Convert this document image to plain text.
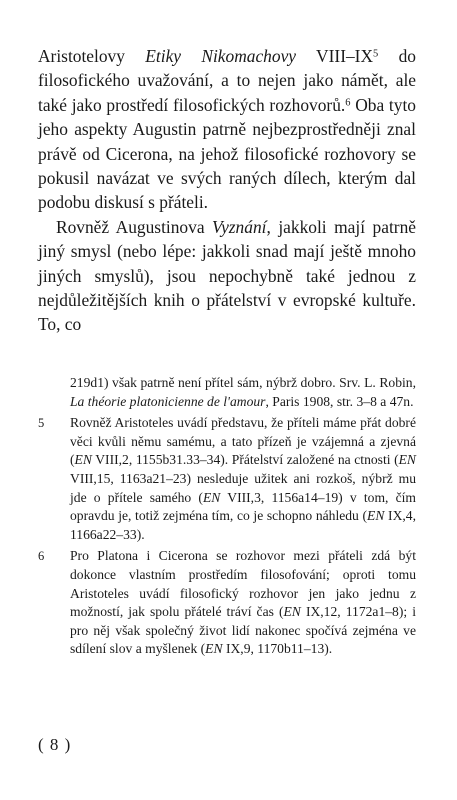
Aristotelovy Etiky Nikomachovy VIII–$IX^5$ do filosofického uvažování, a to nejen jako námět, ale také jako prostředí filosofických rozhovorů.$^6$ Oba tyto jeho aspekty Augustin patrně nejbezprostředněji znal právě od Cicerona, na jehož filosofické rozhovory se pokusil navázat ve svých raných dílech, kterým dal podobu diskusí s přáteli.

Rovněž Augustinova Vyznání, jakkoli mají patrně jiný smysl (nebo lépe: jakkoli snad mají ještě mnoho jiných smyslů), jsou nepochybně také jednou z nejdůležitějších knih o přátelství v evropské kultuře. To, co

219d1) však patrně není přítel sám, nýbrž dobro. Srv. L. Robin, La théorie platonicienne de l'amour, Paris 1908, str. 3–8 a 47n.
5	Rovněž Aristoteles uvádí představu, že příteli máme přát dobré věci kvůli němu samému, a tato přízeň je vzájemná a zjevná (EN VIII,2, 1155b31.33–34). Přátelství založené na ctnosti (EN VIII,15, 1163a21–23) nesleduje užitek ani rozkoš, nýbrž mu jde o přítele samého (EN VIII,3, 1156a14–19) v tom, čím opravdu je, totiž zejména tím, co je schopno náhledu (EN IX,4, 1166a22–33).
6	Pro Platona i Cicerona se rozhovor mezi přáteli zdá být dokonce vlastním prostředím filosofování; oproti tomu Aristoteles uvádí filosofický rozhovor jen jako jednu z možností, jak spolu přátelé tráví čas (EN IX,12, 1172a1–8); i pro něj však společný život lidí nakonec spočívá zejména ve sdílení slov a myšlenek (EN IX,9, 1170b11–13).
( 8 )
